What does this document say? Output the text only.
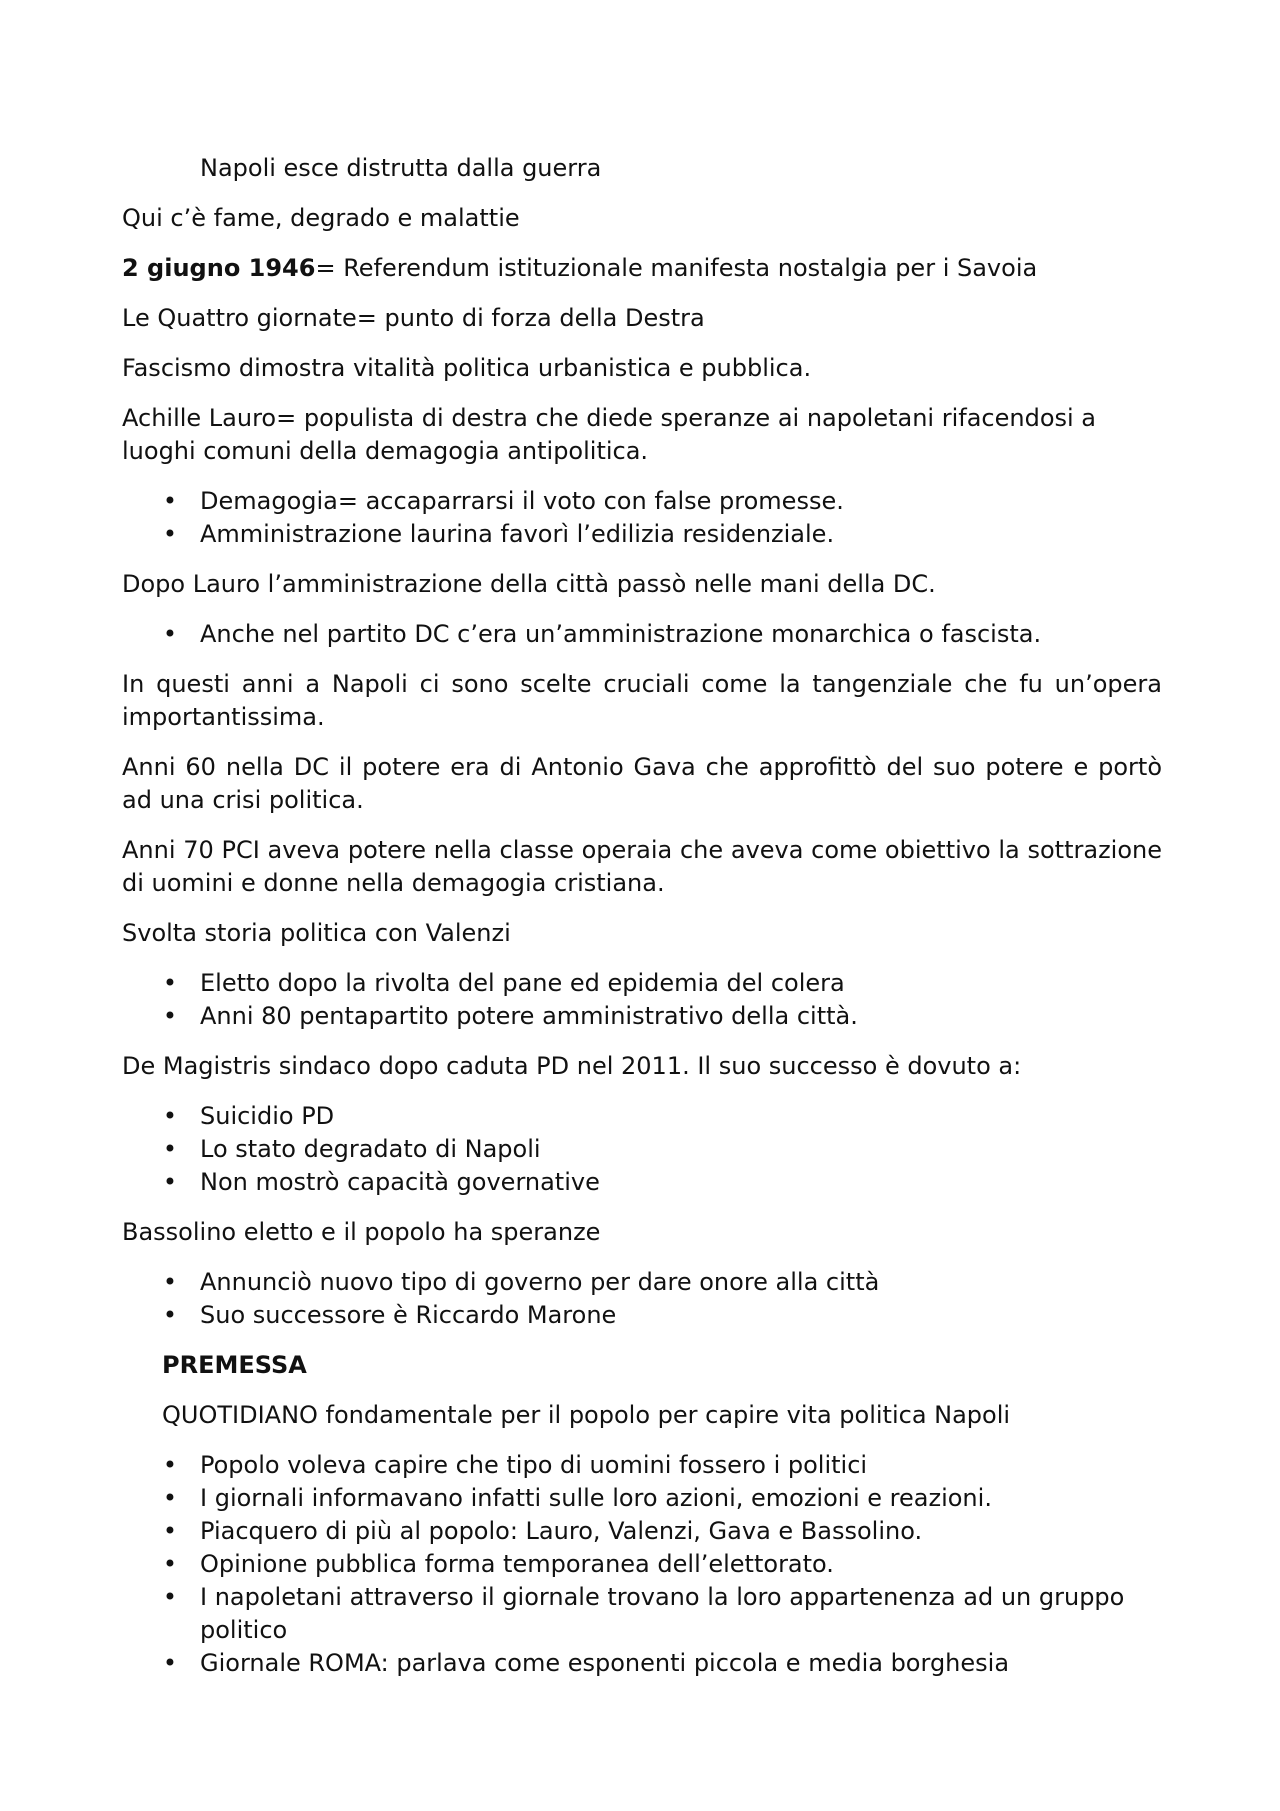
Napoli esce distrutta dalla guerra

Qui c’è fame, degrado e malattie

2 giugno 1946= Referendum istituzionale manifesta nostalgia per i Savoia

Le Quattro giornate= punto di forza della Destra

Fascismo dimostra vitalità politica urbanistica e pubblica.

Achille Lauro= populista di destra che diede speranze ai napoletani rifacendosi a luoghi comuni della demagogia antipolitica.

• Demagogia= accaparrarsi il voto con false promesse.
• Amministrazione laurina favorì l’edilizia residenziale.

Dopo Lauro l’amministrazione della città passò nelle mani della DC.

• Anche nel partito DC c’era un’amministrazione monarchica o fascista.

In questi anni a Napoli ci sono scelte cruciali come la tangenziale che fu un’opera importantissima.

Anni 60 nella DC il potere era di Antonio Gava che approfittò del suo potere e portò ad una crisi politica.

Anni 70 PCI aveva potere nella classe operaia che aveva come obiettivo la sottrazione di uomini e donne nella demagogia cristiana.

Svolta storia politica con Valenzi

• Eletto dopo la rivolta del pane ed epidemia del colera
• Anni 80 pentapartito potere amministrativo della città.

De Magistris sindaco dopo caduta PD nel 2011. Il suo successo è dovuto a:

• Suicidio PD
• Lo stato degradato di Napoli
• Non mostrò capacità governative

Bassolino eletto e il popolo ha speranze

• Annunciò nuovo tipo di governo per dare onore alla città
• Suo successore è Riccardo Marone

PREMESSA

QUOTIDIANO fondamentale per il popolo per capire vita politica Napoli

• Popolo voleva capire che tipo di uomini fossero i politici
• I giornali informavano infatti sulle loro azioni, emozioni e reazioni.
• Piacquero di più al popolo: Lauro, Valenzi, Gava e Bassolino.
• Opinione pubblica forma temporanea dell’elettorato.
• I napoletani attraverso il giornale trovano la loro appartenenza ad un gruppo politico
• Giornale ROMA: parlava come esponenti piccola e media borghesia
